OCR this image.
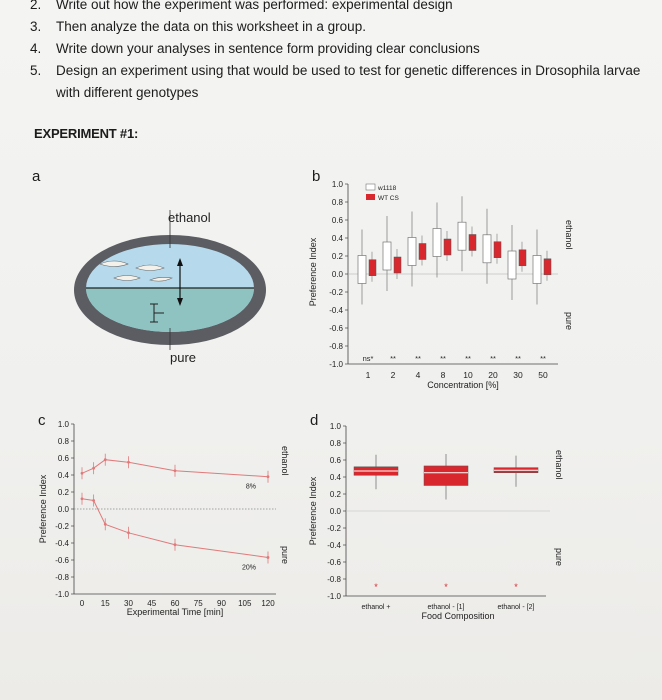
2.	Write out how the experiment was performed: experimental design
3.	Then analyze the data on this worksheet in a group.
4.	Write down your analyses in sentence form providing clear conclusions
5.	Design an experiment using that would be used to test for genetic differences in Drosophila larvae with different genotypes
EXPERIMENT #1:
a
ethanol
pure
b 1.0
0.8
0.6
0.4
0.2
0.0
-0.2
-0.4
-0.6
-0.8
-1.0
Preference Index
1
ns*
2
**
4
**
8
**
10
**
20
**
30
**
50
**
Concentration [%]
w1118
WT CS
ethanol
pure
c 1.0
0.8
0.6
0.4
0.2
0.0
-0.2
-0.4
-0.6
-0.8
-1.0
Preference Index
0 15 30 45 60 75 90 105 120
Experimental Time [min]
8%
20%
ethanol
pure
d 1.0
0.8
0.6
0.4
0.2
0.0
-0.2
-0.4
-0.6
-0.8
-1.0
Preference Index
*
ethanol +
*
ethanol - [1]
*
ethanol - [2]
Food Composition
ethanol
pure
